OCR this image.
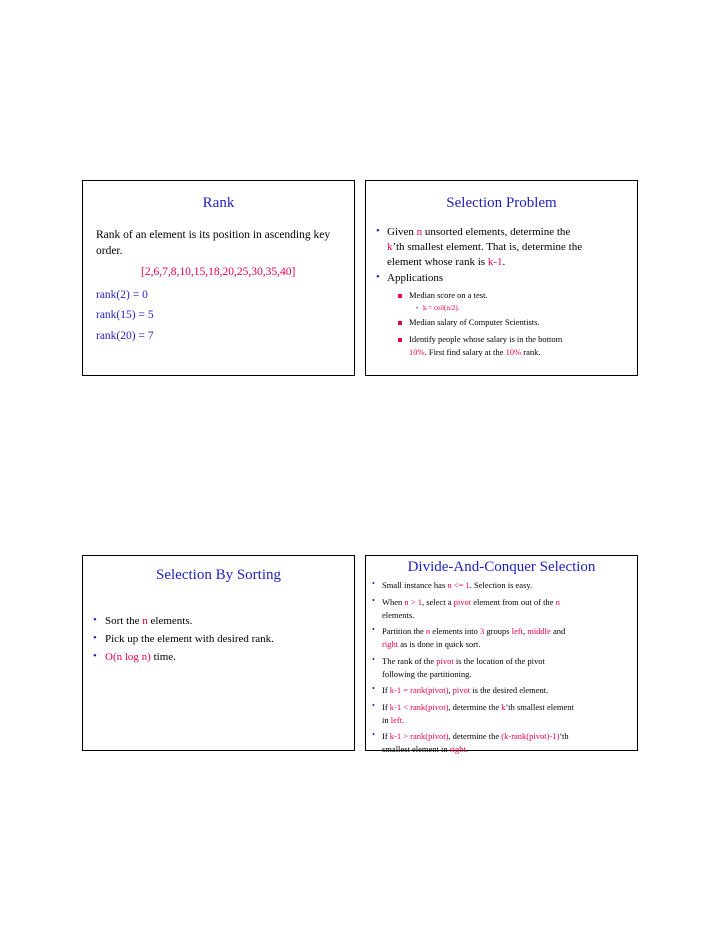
Rank
Rank of an element is its position in ascending key
order.
[2,6,7,8,10,15,18,20,25,30,35,40]
rank(2) = 0
rank(15) = 5
rank(20) = 7
Selection Problem
• Given n unsorted elements, determine the
k’th smallest element. That is, determine the
element whose rank is k-1.
• Applications
Median score on a test.
• k = ceil(n/2).
Median salary of Computer Scientists.
Identify people whose salary is in the bottom
10%. First find salary at the 10% rank.
Selection By Sorting
• Sort the n elements.
• Pick up the element with desired rank.
• O(n log n) time.
Divide-And-Conquer Selection
• Small instance has n <= 1. Selection is easy.
• When n > 1, select a pivot element from out of the n
elements.
• Partition the n elements into 3 groups left, middle and
right as is done in quick sort.
• The rank of the pivot is the location of the pivot
following the partitioning.
• If k-1 = rank(pivot), pivot is the desired element.
• If k-1 < rank(pivot), determine the k’th smallest element
in left.
• If k-1 > rank(pivot), determine the (k-rank(pivot)-1)’th
smallest element in right.
